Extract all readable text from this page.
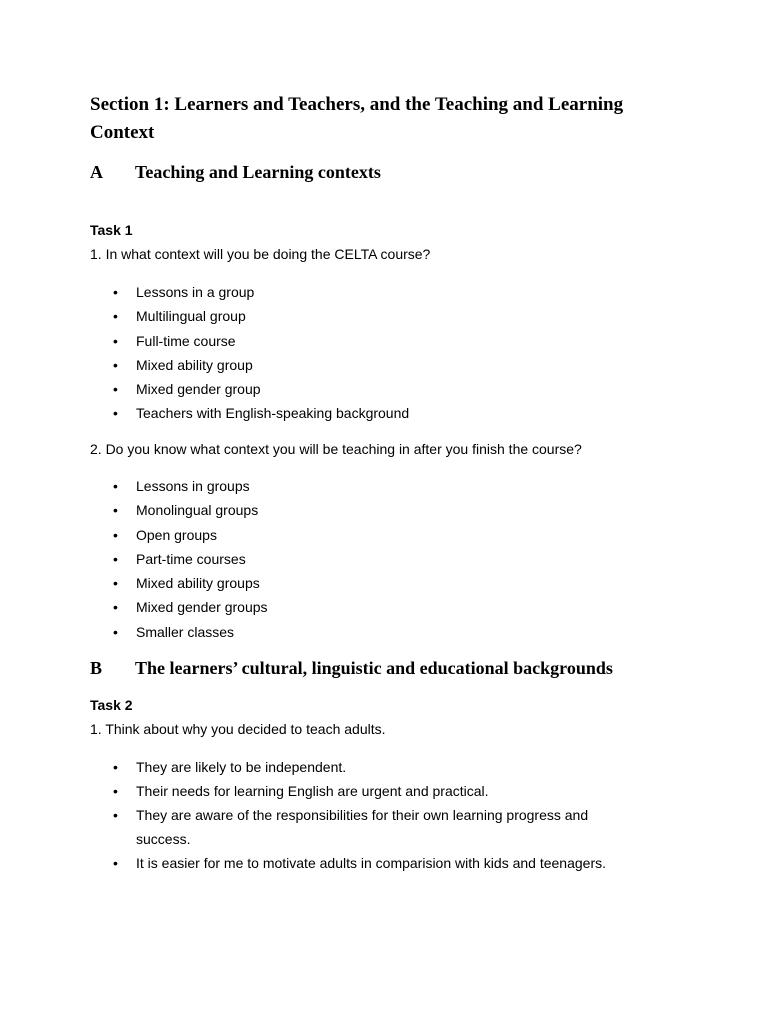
Section 1: Learners and Teachers, and the Teaching and Learning Context
A Teaching and Learning contexts
Task 1
1. In what context will you be doing the CELTA course?
• Lessons in a group
• Multilingual group
• Full-time course
• Mixed ability group
• Mixed gender group
• Teachers with English-speaking background
2. Do you know what context you will be teaching in after you finish the course?
• Lessons in groups
• Monolingual groups
• Open groups
• Part-time courses
• Mixed ability groups
• Mixed gender groups
• Smaller classes
B The learners’ cultural, linguistic and educational backgrounds
Task 2
1. Think about why you decided to teach adults.
• They are likely to be independent.
• Their needs for learning English are urgent and practical.
• They are aware of the responsibilities for their own learning progress and success.
• It is easier for me to motivate adults in comparision with kids and teenagers.
